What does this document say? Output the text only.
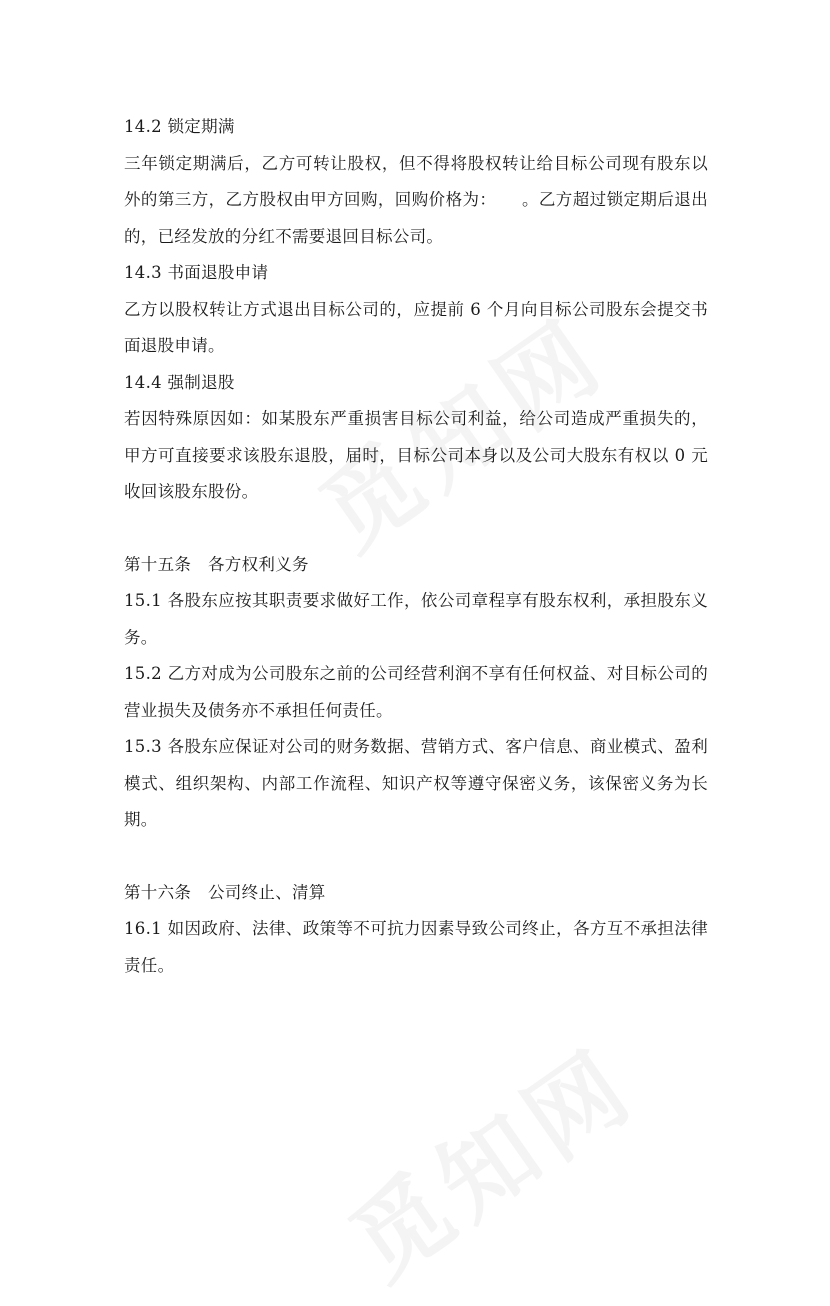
14.2 锁定期满

三年锁定期满后，乙方可转让股权，但不得将股权转让给目标公司现有股东以外的第三方，乙方股权由甲方回购，回购价格为：　　。乙方超过锁定期后退出的，已经发放的分红不需要退回目标公司。

14.3 书面退股申请

乙方以股权转让方式退出目标公司的，应提前 6 个月向目标公司股东会提交书面退股申请。

14.4 强制退股

若因特殊原因如：如某股东严重损害目标公司利益，给公司造成严重损失的，甲方可直接要求该股东退股，届时，目标公司本身以及公司大股东有权以 0 元收回该股东股份。

第十五条　各方权利义务

15.1 各股东应按其职责要求做好工作，依公司章程享有股东权利，承担股东义务。

15.2 乙方对成为公司股东之前的公司经营利润不享有任何权益、对目标公司的营业损失及债务亦不承担任何责任。

15.3 各股东应保证对公司的财务数据、营销方式、客户信息、商业模式、盈利模式、组织架构、内部工作流程、知识产权等遵守保密义务，该保密义务为长期。

第十六条　公司终止、清算

16.1 如因政府、法律、政策等不可抗力因素导致公司终止，各方互不承担法律责任。
